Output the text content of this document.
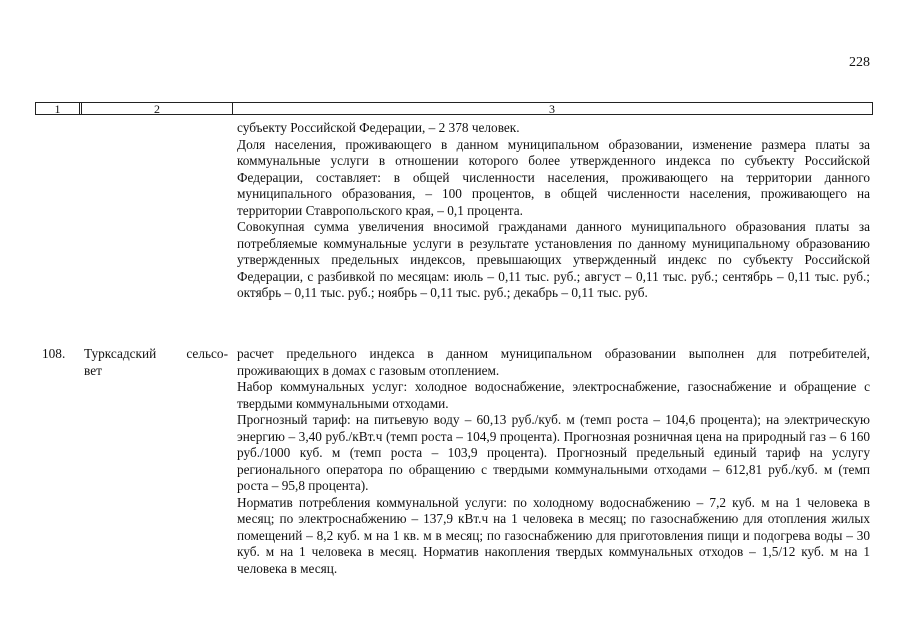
228
1	2	3

субъекту Российской Федерации, – 2 378 человек.

Доля населения, проживающего в данном муниципальном образовании, изменение размера платы за коммунальные услуги в отношении которого более утвержденного индекса по субъекту Российской Федерации, составляет: в общей численности населения, проживающего на территории данного муниципального образования, – 100 процентов, в общей численности населения, проживающего на территории Ставропольского края, – 0,1 процента.

Совокупная сумма увеличения вносимой гражданами данного муниципального образования платы за потребляемые коммунальные услуги в результате установления по данному муниципальному образованию утвержденных предельных индексов, превышающих утвержденный индекс по субъекту Российской Федерации, с разбивкой по месяцам: июль – 0,11 тыс. руб.; август – 0,11 тыс. руб.; сентябрь – 0,11 тыс. руб.; октябрь – 0,11 тыс. руб.; ноябрь – 0,11 тыс. руб.; декабрь – 0,11 тыс. руб.

108. Турксадский сельсо-
вет

расчет предельного индекса в данном муниципальном образовании выполнен для потребителей, проживающих в домах с газовым отоплением.

Набор коммунальных услуг: холодное водоснабжение, электроснабжение, газоснабжение и обращение с твердыми коммунальными отходами.

Прогнозный тариф: на питьевую воду – 60,13 руб./куб. м (темп роста – 104,6 процента); на электрическую энергию – 3,40 руб./кВт.ч (темп роста – 104,9 процента). Прогнозная розничная цена на природный газ – 6 160 руб./1000 куб. м (темп роста – 103,9 процента). Прогнозный предельный единый тариф на услугу регионального оператора по обращению с твердыми коммунальными отходами – 612,81 руб./куб. м (темп роста – 95,8 процента).

Норматив потребления коммунальной услуги: по холодному водоснабжению – 7,2 куб. м на 1 человека в месяц; по электроснабжению – 137,9 кВт.ч на 1 человека в месяц; по газоснабжению для отопления жилых помещений – 8,2 куб. м на 1 кв. м в месяц; по газоснабжению для приготовления пищи и подогрева воды – 30 куб. м на 1 человека в месяц. Норматив накопления твердых коммунальных отходов – 1,5/12 куб. м на 1 человека в месяц.
